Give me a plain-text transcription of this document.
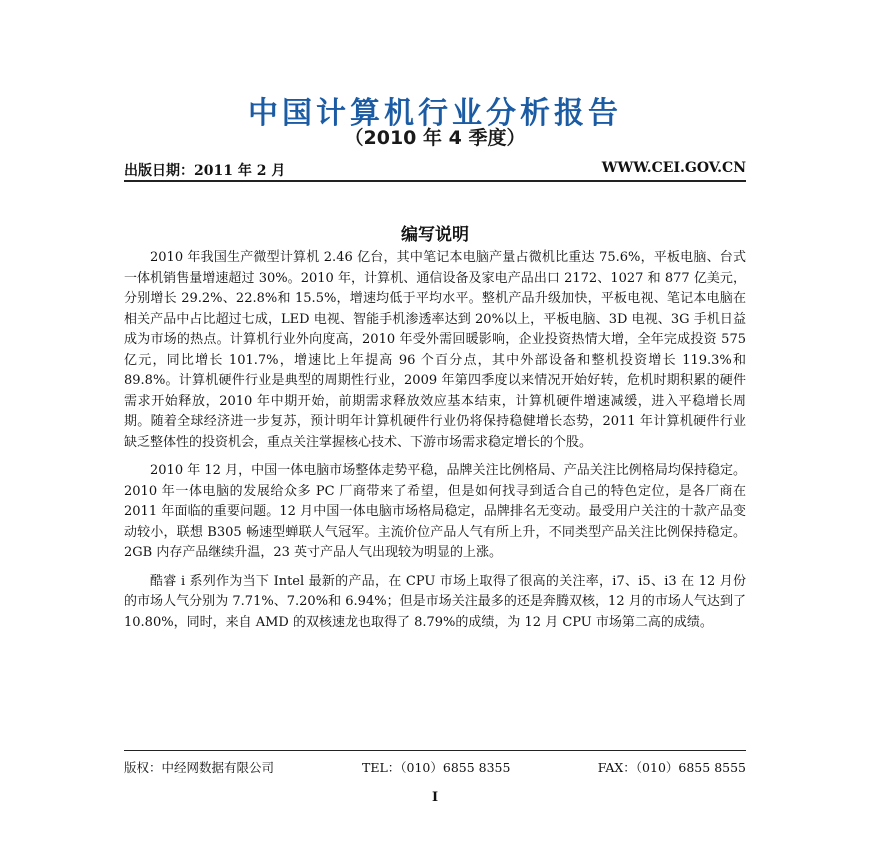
中国计算机行业分析报告
（2010 年 4 季度）
出版日期：2011 年 2 月	WWW.CEI.GOV.CN
编写说明

2010 年我国生产微型计算机 2.46 亿台，其中笔记本电脑产量占微机比重达 75.6%，平板电脑、台式一体机销售量增速超过 30%。2010 年，计算机、通信设备及家电产品出口 2172、1027 和 877 亿美元，分别增长 29.2%、22.8%和 15.5%，增速均低于平均水平。整机产品升级加快，平板电视、笔记本电脑在相关产品中占比超过七成，LED 电视、智能手机渗透率达到 20%以上，平板电脑、3D 电视、3G 手机日益成为市场的热点。计算机行业外向度高，2010 年受外需回暖影响，企业投资热情大增，全年完成投资 575 亿元，同比增长 101.7%，增速比上年提高 96 个百分点，其中外部设备和整机投资增长 119.3%和 89.8%。计算机硬件行业是典型的周期性行业，2009 年第四季度以来情况开始好转，危机时期积累的硬件需求开始释放，2010 年中期开始，前期需求释放效应基本结束，计算机硬件增速减缓，进入平稳增长周期。随着全球经济进一步复苏，预计明年计算机硬件行业仍将保持稳健增长态势，2011 年计算机硬件行业缺乏整体性的投资机会，重点关注掌握核心技术、下游市场需求稳定增长的个股。

2010 年 12 月，中国一体电脑市场整体走势平稳，品牌关注比例格局、产品关注比例格局均保持稳定。2010 年一体电脑的发展给众多 PC 厂商带来了希望，但是如何找寻到适合自己的特色定位，是各厂商在 2011 年面临的重要问题。12 月中国一体电脑市场格局稳定，品牌排名无变动。最受用户关注的十款产品变动较小，联想 B305 畅速型蝉联人气冠军。主流价位产品人气有所上升，不同类型产品关注比例保持稳定。2GB 内存产品继续升温，23 英寸产品人气出现较为明显的上涨。

酷睿 i 系列作为当下 Intel 最新的产品，在 CPU 市场上取得了很高的关注率，i7、i5、i3 在 12 月份的市场人气分别为 7.71%、7.20%和 6.94%；但是市场关注最多的还是奔腾双核，12 月的市场人气达到了 10.80%，同时，来自 AMD 的双核速龙也取得了 8.79%的成绩，为 12 月 CPU 市场第二高的成绩。

版权：中经网数据有限公司	TEL：（010）6855 8355	FAX：（010）6855 8555
I
